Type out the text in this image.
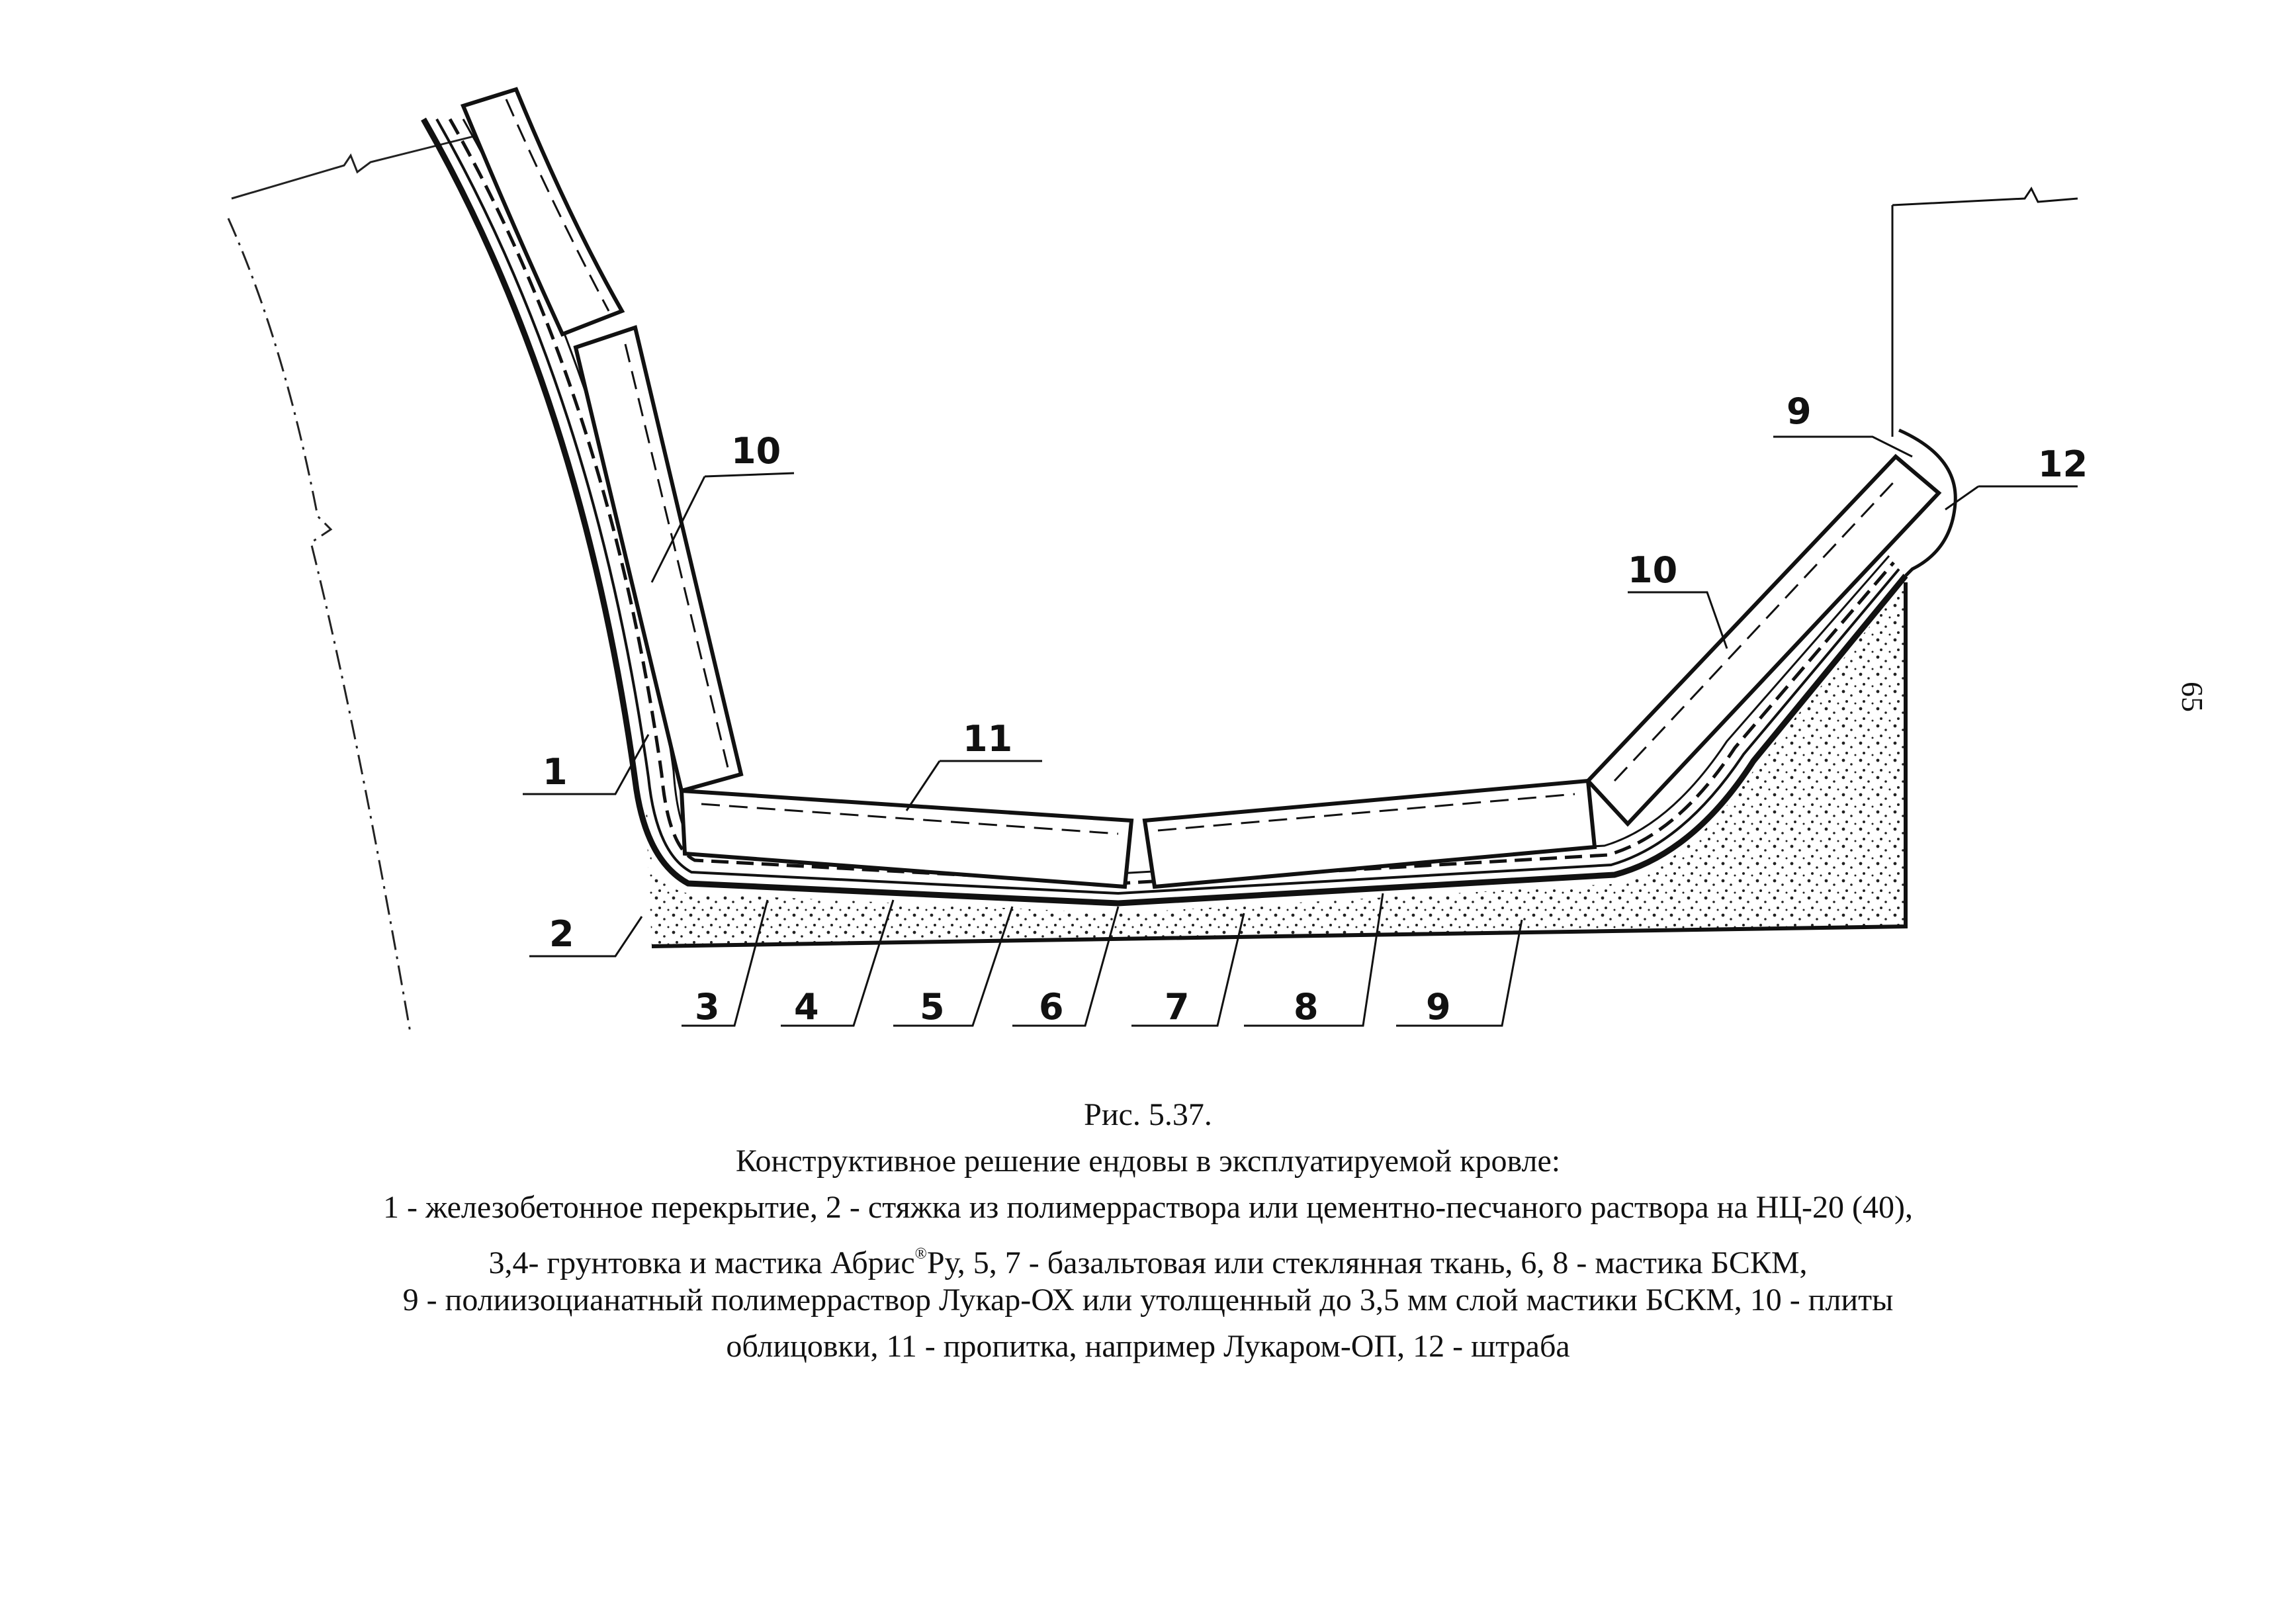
1
2
3 4	5	6	7	8	9
9
10
10
11
12
Рис. 5.37.
Конструктивное решение ендовы в эксплуатируемой кровле:
1 - железобетонное перекрытие, 2 - стяжка из полимерраствора или цементно-песчаного раствора на НЦ-20 (40),
3,4- грунтовка и мастика Абрис®Ру, 5, 7 - базальтовая или стеклянная ткань, 6, 8 - мастика БСКМ,
9 - полиизоцианатный полимерраствор Лукар-ОХ или утолщенный до 3,5 мм слой мастики БСКМ, 10 - плиты
облицовки, 11 - пропитка, например Лукаром-ОП, 12 - штраба
65
